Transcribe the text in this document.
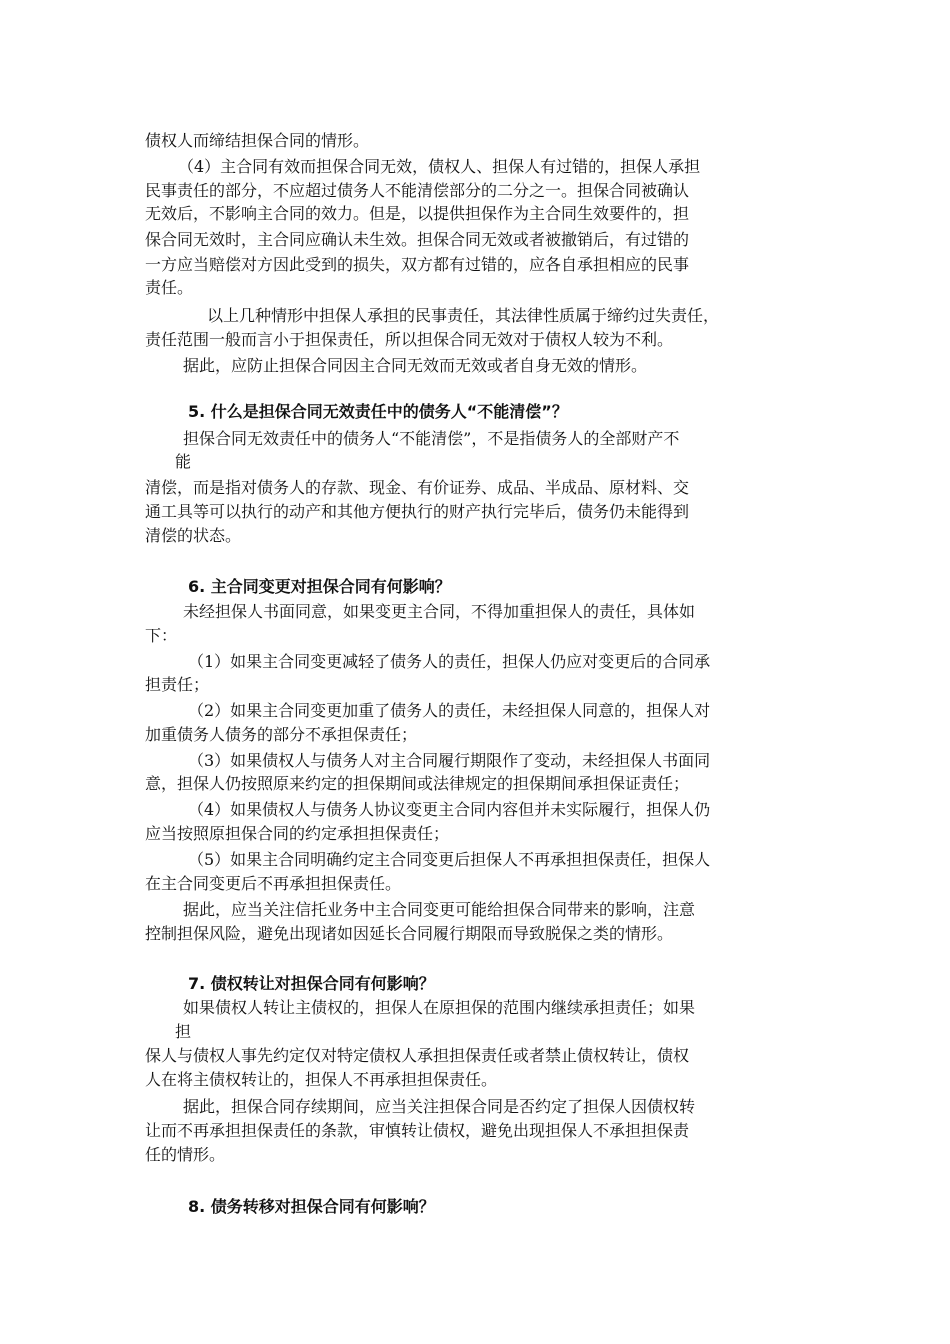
债权人而缔结担保合同的情形。
（4）主合同有效而担保合同无效，债权人、担保人有过错的，担保人承担
民事责任的部分，不应超过债务人不能清偿部分的二分之一。担保合同被确认
无效后，不影响主合同的效力。但是，以提供担保作为主合同生效要件的，担
保合同无效时，主合同应确认未生效。担保合同无效或者被撤销后，有过错的
一方应当赔偿对方因此受到的损失，双方都有过错的，应各自承担相应的民事
责任。
以上几种情形中担保人承担的民事责任，其法律性质属于缔约过失责任，
责任范围一般而言小于担保责任，所以担保合同无效对于债权人较为不利。
据此，应防止担保合同因主合同无效而无效或者自身无效的情形。
5. 什么是担保合同无效责任中的债务人“不能清偿”？
担保合同无效责任中的债务人“不能清偿”，不是指债务人的全部财产不
能
清偿，而是指对债务人的存款、现金、有价证券、成品、半成品、原材料、交
通工具等可以执行的动产和其他方便执行的财产执行完毕后，债务仍未能得到
清偿的状态。
6. 主合同变更对担保合同有何影响？
未经担保人书面同意，如果变更主合同，不得加重担保人的责任，具体如
下：
（1）如果主合同变更减轻了债务人的责任，担保人仍应对变更后的合同承
担责任；
（2）如果主合同变更加重了债务人的责任，未经担保人同意的，担保人对
加重债务人债务的部分不承担保责任；
（3）如果债权人与债务人对主合同履行期限作了变动，未经担保人书面同
意，担保人仍按照原来约定的担保期间或法律规定的担保期间承担保证责任；
（4）如果债权人与债务人协议变更主合同内容但并未实际履行，担保人仍
应当按照原担保合同的约定承担担保责任；
（5）如果主合同明确约定主合同变更后担保人不再承担担保责任，担保人
在主合同变更后不再承担担保责任。
据此，应当关注信托业务中主合同变更可能给担保合同带来的影响，注意
控制担保风险，避免出现诸如因延长合同履行期限而导致脱保之类的情形。
7. 债权转让对担保合同有何影响？
如果债权人转让主债权的，担保人在原担保的范围内继续承担责任；如果
担
保人与债权人事先约定仅对特定债权人承担担保责任或者禁止债权转让，债权
人在将主债权转让的，担保人不再承担担保责任。
据此，担保合同存续期间，应当关注担保合同是否约定了担保人因债权转
让而不再承担担保责任的条款，审慎转让债权，避免出现担保人不承担担保责
任的情形。
8. 债务转移对担保合同有何影响？
